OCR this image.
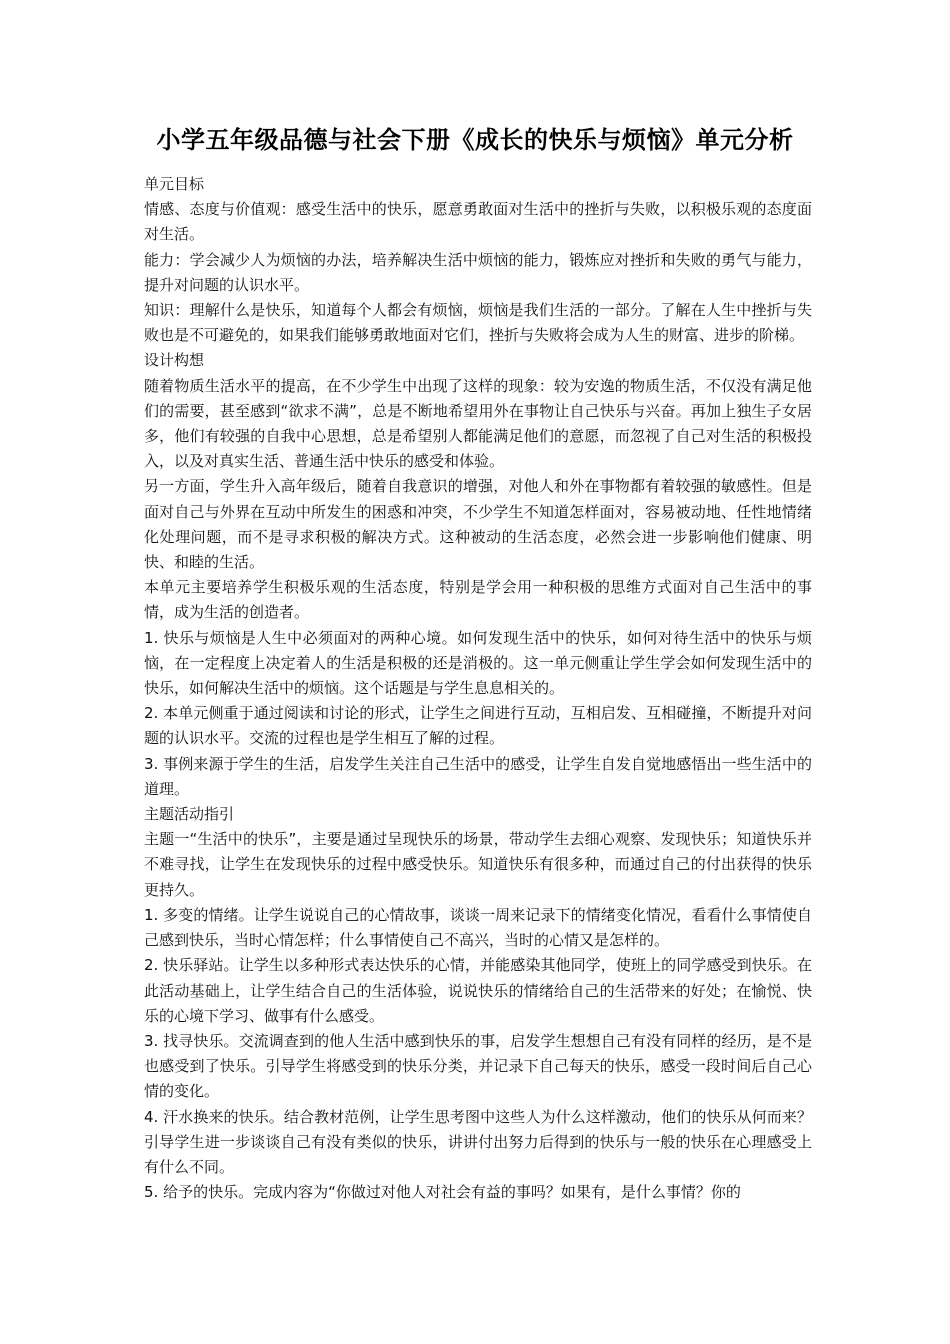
小学五年级品德与社会下册《成长的快乐与烦恼》单元分析

单元目标

情感、态度与价值观：感受生活中的快乐，愿意勇敢面对生活中的挫折与失败，以积极乐观的态度面对生活。

能力：学会减少人为烦恼的办法，培养解决生活中烦恼的能力，锻炼应对挫折和失败的勇气与能力，提升对问题的认识水平。

知识：理解什么是快乐，知道每个人都会有烦恼，烦恼是我们生活的一部分。了解在人生中挫折与失败也是不可避免的，如果我们能够勇敢地面对它们，挫折与失败将会成为人生的财富、进步的阶梯。

设计构想

随着物质生活水平的提高，在不少学生中出现了这样的现象：较为安逸的物质生活，不仅没有满足他们的需要，甚至感到“欲求不满”，总是不断地希望用外在事物让自己快乐与兴奋。再加上独生子女居多，他们有较强的自我中心思想，总是希望别人都能满足他们的意愿，而忽视了自己对生活的积极投入，以及对真实生活、普通生活中快乐的感受和体验。

另一方面，学生升入高年级后，随着自我意识的增强，对他人和外在事物都有着较强的敏感性。但是面对自己与外界在互动中所发生的困惑和冲突，不少学生不知道怎样面对，容易被动地、任性地情绪化处理问题，而不是寻求积极的解决方式。这种被动的生活态度，必然会进一步影响他们健康、明快、和睦的生活。

本单元主要培养学生积极乐观的生活态度，特别是学会用一种积极的思维方式面对自己生活中的事情，成为生活的创造者。

1. 快乐与烦恼是人生中必须面对的两种心境。如何发现生活中的快乐，如何对待生活中的快乐与烦恼，在一定程度上决定着人的生活是积极的还是消极的。这一单元侧重让学生学会如何发现生活中的快乐，如何解决生活中的烦恼。这个话题是与学生息息相关的。

2. 本单元侧重于通过阅读和讨论的形式，让学生之间进行互动，互相启发、互相碰撞，不断提升对问题的认识水平。交流的过程也是学生相互了解的过程。

3. 事例来源于学生的生活，启发学生关注自己生活中的感受，让学生自发自觉地感悟出一些生活中的道理。

主题活动指引

主题一“生活中的快乐”，主要是通过呈现快乐的场景，带动学生去细心观察、发现快乐；知道快乐并不难寻找，让学生在发现快乐的过程中感受快乐。知道快乐有很多种，而通过自己的付出获得的快乐更持久。

1. 多变的情绪。让学生说说自己的心情故事，谈谈一周来记录下的情绪变化情况，看看什么事情使自己感到快乐，当时心情怎样；什么事情使自己不高兴，当时的心情又是怎样的。

2. 快乐驿站。让学生以多种形式表达快乐的心情，并能感染其他同学，使班上的同学感受到快乐。在此活动基础上，让学生结合自己的生活体验，说说快乐的情绪给自己的生活带来的好处；在愉悦、快乐的心境下学习、做事有什么感受。

3. 找寻快乐。交流调查到的他人生活中感到快乐的事，启发学生想想自己有没有同样的经历，是不是也感受到了快乐。引导学生将感受到的快乐分类，并记录下自己每天的快乐，感受一段时间后自己心情的变化。

4. 汗水换来的快乐。结合教材范例，让学生思考图中这些人为什么这样激动，他们的快乐从何而来？引导学生进一步谈谈自己有没有类似的快乐，讲讲付出努力后得到的快乐与一般的快乐在心理感受上有什么不同。

5. 给予的快乐。完成内容为“你做过对他人对社会有益的事吗？如果有，是什么事情？你的
